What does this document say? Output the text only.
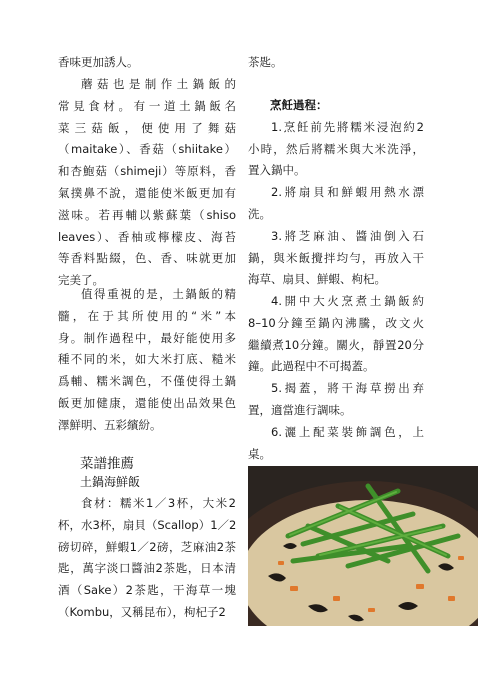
香味更加誘人。
蘑菇也是制作土鍋飯的
常見食材。有一道土鍋飯名
菜三菇飯，便使用了舞菇
（maitake）、香菇（shiitake）
和杏鮑菇（shimeji）等原料，香
氣撲鼻不說，還能使米飯更加有
滋味。若再輔以紫蘇葉（shiso
leaves）、香柚或檸檬皮、海苔
等香料點綴，色、香、味就更加
完美了。
值得重視的是，土鍋飯的精
髓，在于其所使用的“米”本
身。制作過程中，最好能使用多
種不同的米，如大米打底、糙米
爲輔、糯米調色，不僅使得土鍋
飯更加健康，還能使出品效果色
澤鮮明、五彩繽紛。
食材：糯米1／3杯，大米2
杯，水3杯，扇貝（Scallop）1／2
磅切碎，鮮蝦1／2磅，芝麻油2茶
匙，萬字淡口醬油2茶匙，日本清
酒（Sake）2茶匙，干海草一塊
（Kombu，又稱昆布），枸杞子2
菜譜推薦
土鍋海鮮飯
茶匙。
1.烹飪前先將糯米浸泡約2
小時，然后將糯米與大米洗淨，
置入鍋中。
2.將扇貝和鮮蝦用熱水漂
洗。
3.將芝麻油、醬油倒入石
鍋，與米飯攪拌均勻，再放入干
海草、扇貝、鮮蝦、枸杞。
4.開中大火烹煮土鍋飯約
8–10分鐘至鍋內沸騰，改文火
繼續煮10分鐘。關火，靜置20分
鐘。此過程中不可揭蓋。
5.揭蓋，將干海草撈出弃
置，適當進行調味。
6.灑上配菜裝飾調色，上
桌。
烹飪過程：
